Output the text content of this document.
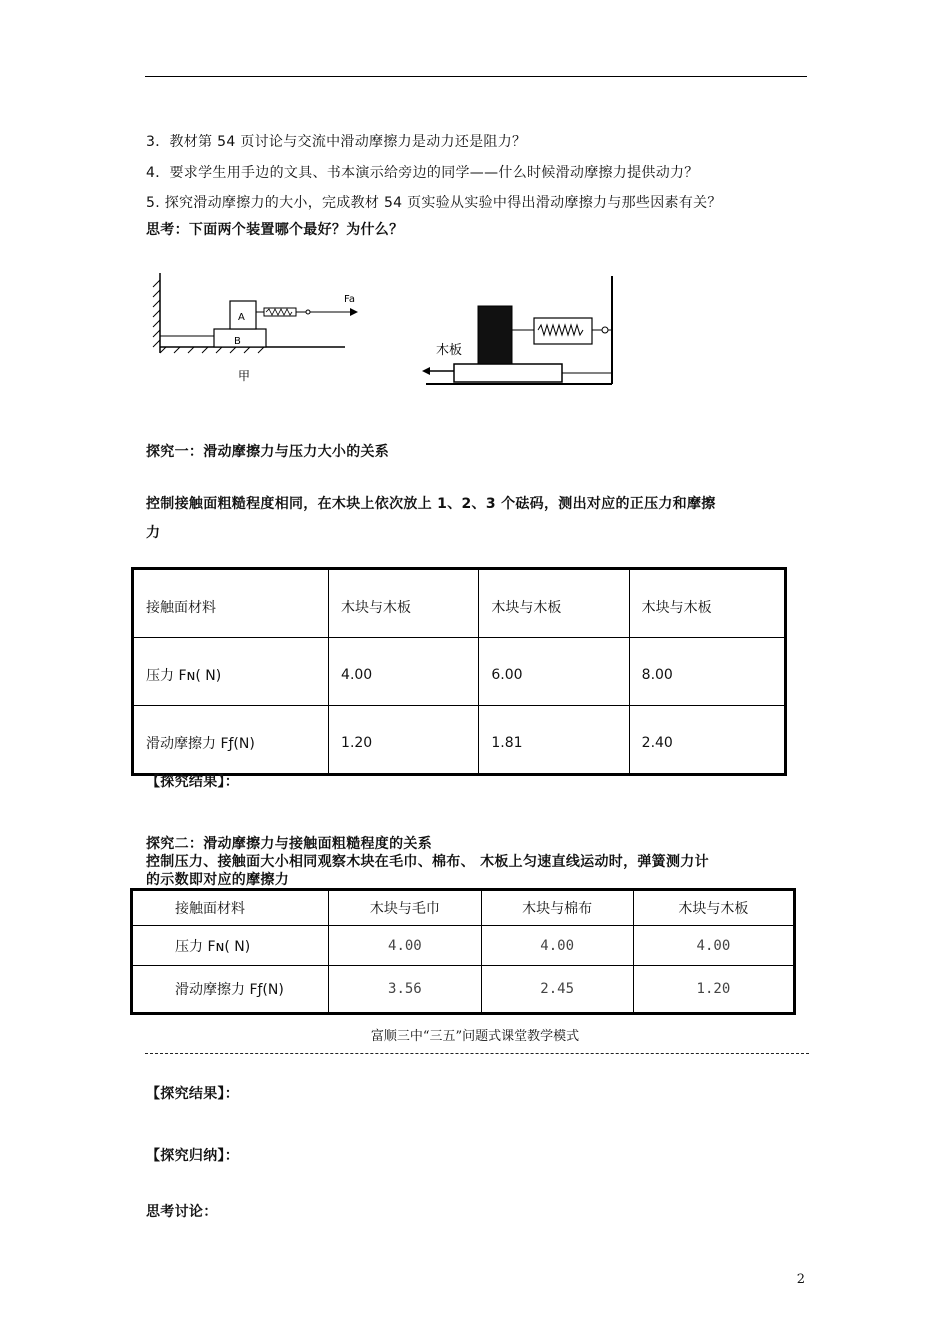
3．教材第 54 页讨论与交流中滑动摩擦力是动力还是阻力？
4．要求学生用手边的文具、书本演示给旁边的同学——什么时候滑动摩擦力提供动力？
5. 探究滑动摩擦力的大小，完成教材 54 页实验从实验中得出滑动摩擦力与那些因素有关？
思考：下面两个装置哪个最好？为什么？
B
A
Fa
甲
木板
探究一：滑动摩擦力与压力大小的关系
控制接触面粗糙程度相同，在木块上依次放上 1、2、3 个砝码，测出对应的正压力和摩擦
力
接触面材料	木块与木板	木块与木板	木块与木板
压力 Fɴ( N)	4.00	6.00	8.00
滑动摩擦力 Fƒ(N)	1.20	1.81	2.40
【探究结果】：
探究二：滑动摩擦力与接触面粗糙程度的关系
控制压力、接触面大小相同观察木块在毛巾、棉布、 木板上匀速直线运动时，弹簧测力计
的示数即对应的摩擦力
接触面材料	木块与毛巾	木块与棉布	木块与木板
压力 Fɴ( N)	4.00	4.00	4.00
滑动摩擦力 Fƒ(N)	3.56	2.45	1.20
富顺三中“三五”问题式课堂教学模式
【探究结果】：
【探究归纳】：
思考讨论：
2
